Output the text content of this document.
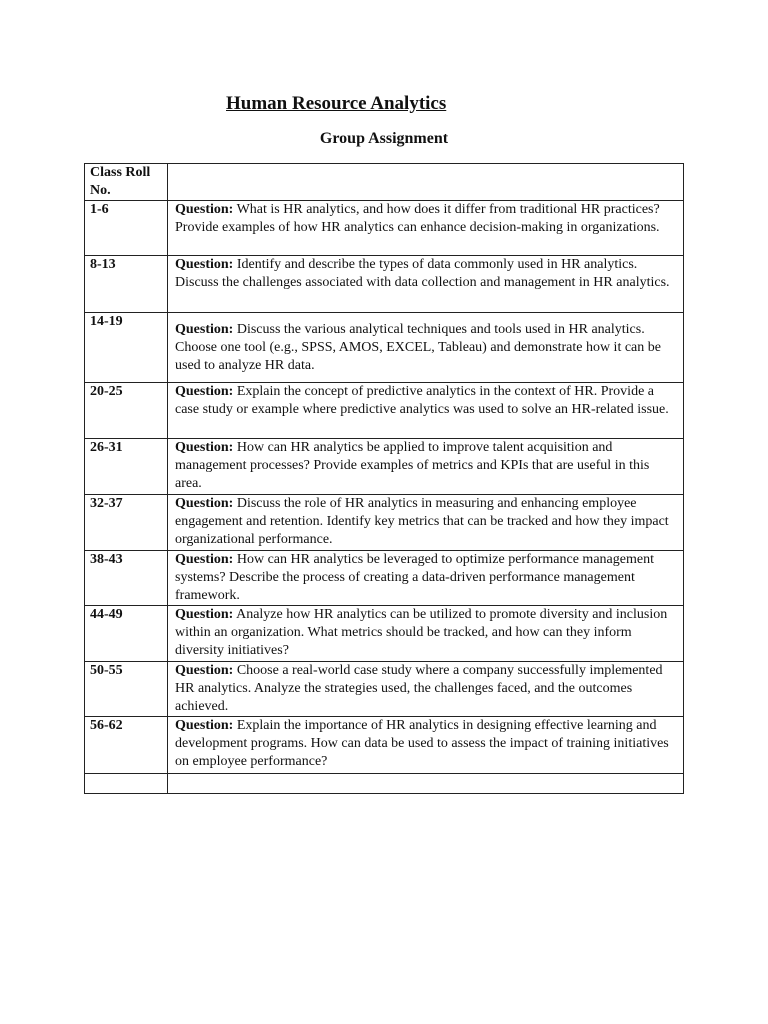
Human Resource Analytics
Group Assignment
Class Roll No.	
1-6	Question: What is HR analytics, and how does it differ from traditional HR practices? Provide examples of how HR analytics can enhance decision-making in organizations.
8-13	Question: Identify and describe the types of data commonly used in HR analytics. Discuss the challenges associated with data collection and management in HR analytics.
14-19	Question: Discuss the various analytical techniques and tools used in HR analytics. Choose one tool (e.g., SPSS, AMOS, EXCEL, Tableau) and demonstrate how it can be used to analyze HR data.
20-25	Question: Explain the concept of predictive analytics in the context of HR. Provide a case study or example where predictive analytics was used to solve an HR-related issue.
26-31	Question: How can HR analytics be applied to improve talent acquisition and management processes? Provide examples of metrics and KPIs that are useful in this area.
32-37	Question: Discuss the role of HR analytics in measuring and enhancing employee engagement and retention. Identify key metrics that can be tracked and how they impact organizational performance.
38-43	Question: How can HR analytics be leveraged to optimize performance management systems? Describe the process of creating a data-driven performance management framework.
44-49	Question: Analyze how HR analytics can be utilized to promote diversity and inclusion within an organization. What metrics should be tracked, and how can they inform diversity initiatives?
50-55	Question: Choose a real-world case study where a company successfully implemented HR analytics. Analyze the strategies used, the challenges faced, and the outcomes achieved.
56-62	Question: Explain the importance of HR analytics in designing effective learning and development programs. How can data be used to assess the impact of training initiatives on employee performance?
